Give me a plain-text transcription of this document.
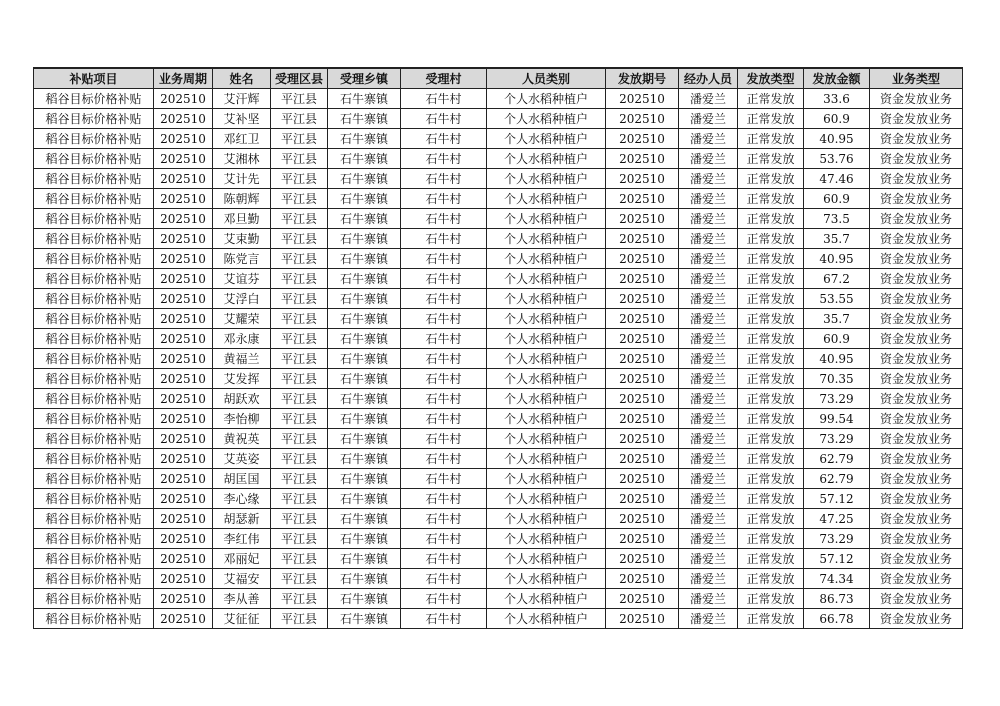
补贴项目	业务周期	姓名	受理区县	受理乡镇	受理村	人员类别	发放期号	经办人员	发放类型	发放金额	业务类型
稻谷目标价格补贴	202510	艾汗辉	平江县	石牛寨镇	石牛村	个人水稻种植户	202510	潘爱兰	正常发放	33.6	资金发放业务
稻谷目标价格补贴	202510	艾补坚	平江县	石牛寨镇	石牛村	个人水稻种植户	202510	潘爱兰	正常发放	60.9	资金发放业务
稻谷目标价格补贴	202510	邓红卫	平江县	石牛寨镇	石牛村	个人水稻种植户	202510	潘爱兰	正常发放	40.95	资金发放业务
稻谷目标价格补贴	202510	艾湘林	平江县	石牛寨镇	石牛村	个人水稻种植户	202510	潘爱兰	正常发放	53.76	资金发放业务
稻谷目标价格补贴	202510	艾计先	平江县	石牛寨镇	石牛村	个人水稻种植户	202510	潘爱兰	正常发放	47.46	资金发放业务
稻谷目标价格补贴	202510	陈朝辉	平江县	石牛寨镇	石牛村	个人水稻种植户	202510	潘爱兰	正常发放	60.9	资金发放业务
稻谷目标价格补贴	202510	邓旦勤	平江县	石牛寨镇	石牛村	个人水稻种植户	202510	潘爱兰	正常发放	73.5	资金发放业务
稻谷目标价格补贴	202510	艾束勤	平江县	石牛寨镇	石牛村	个人水稻种植户	202510	潘爱兰	正常发放	35.7	资金发放业务
稻谷目标价格补贴	202510	陈党言	平江县	石牛寨镇	石牛村	个人水稻种植户	202510	潘爱兰	正常发放	40.95	资金发放业务
稻谷目标价格补贴	202510	艾谊芬	平江县	石牛寨镇	石牛村	个人水稻种植户	202510	潘爱兰	正常发放	67.2	资金发放业务
稻谷目标价格补贴	202510	艾浮白	平江县	石牛寨镇	石牛村	个人水稻种植户	202510	潘爱兰	正常发放	53.55	资金发放业务
稻谷目标价格补贴	202510	艾耀荣	平江县	石牛寨镇	石牛村	个人水稻种植户	202510	潘爱兰	正常发放	35.7	资金发放业务
稻谷目标价格补贴	202510	邓永康	平江县	石牛寨镇	石牛村	个人水稻种植户	202510	潘爱兰	正常发放	60.9	资金发放业务
稻谷目标价格补贴	202510	黄福兰	平江县	石牛寨镇	石牛村	个人水稻种植户	202510	潘爱兰	正常发放	40.95	资金发放业务
稻谷目标价格补贴	202510	艾发挥	平江县	石牛寨镇	石牛村	个人水稻种植户	202510	潘爱兰	正常发放	70.35	资金发放业务
稻谷目标价格补贴	202510	胡跃欢	平江县	石牛寨镇	石牛村	个人水稻种植户	202510	潘爱兰	正常发放	73.29	资金发放业务
稻谷目标价格补贴	202510	李怡柳	平江县	石牛寨镇	石牛村	个人水稻种植户	202510	潘爱兰	正常发放	99.54	资金发放业务
稻谷目标价格补贴	202510	黄祝英	平江县	石牛寨镇	石牛村	个人水稻种植户	202510	潘爱兰	正常发放	73.29	资金发放业务
稻谷目标价格补贴	202510	艾英姿	平江县	石牛寨镇	石牛村	个人水稻种植户	202510	潘爱兰	正常发放	62.79	资金发放业务
稻谷目标价格补贴	202510	胡匡国	平江县	石牛寨镇	石牛村	个人水稻种植户	202510	潘爱兰	正常发放	62.79	资金发放业务
稻谷目标价格补贴	202510	李心缘	平江县	石牛寨镇	石牛村	个人水稻种植户	202510	潘爱兰	正常发放	57.12	资金发放业务
稻谷目标价格补贴	202510	胡瑟新	平江县	石牛寨镇	石牛村	个人水稻种植户	202510	潘爱兰	正常发放	47.25	资金发放业务
稻谷目标价格补贴	202510	李红伟	平江县	石牛寨镇	石牛村	个人水稻种植户	202510	潘爱兰	正常发放	73.29	资金发放业务
稻谷目标价格补贴	202510	邓丽妃	平江县	石牛寨镇	石牛村	个人水稻种植户	202510	潘爱兰	正常发放	57.12	资金发放业务
稻谷目标价格补贴	202510	艾福安	平江县	石牛寨镇	石牛村	个人水稻种植户	202510	潘爱兰	正常发放	74.34	资金发放业务
稻谷目标价格补贴	202510	李从善	平江县	石牛寨镇	石牛村	个人水稻种植户	202510	潘爱兰	正常发放	86.73	资金发放业务
稻谷目标价格补贴	202510	艾征征	平江县	石牛寨镇	石牛村	个人水稻种植户	202510	潘爱兰	正常发放	66.78	资金发放业务
